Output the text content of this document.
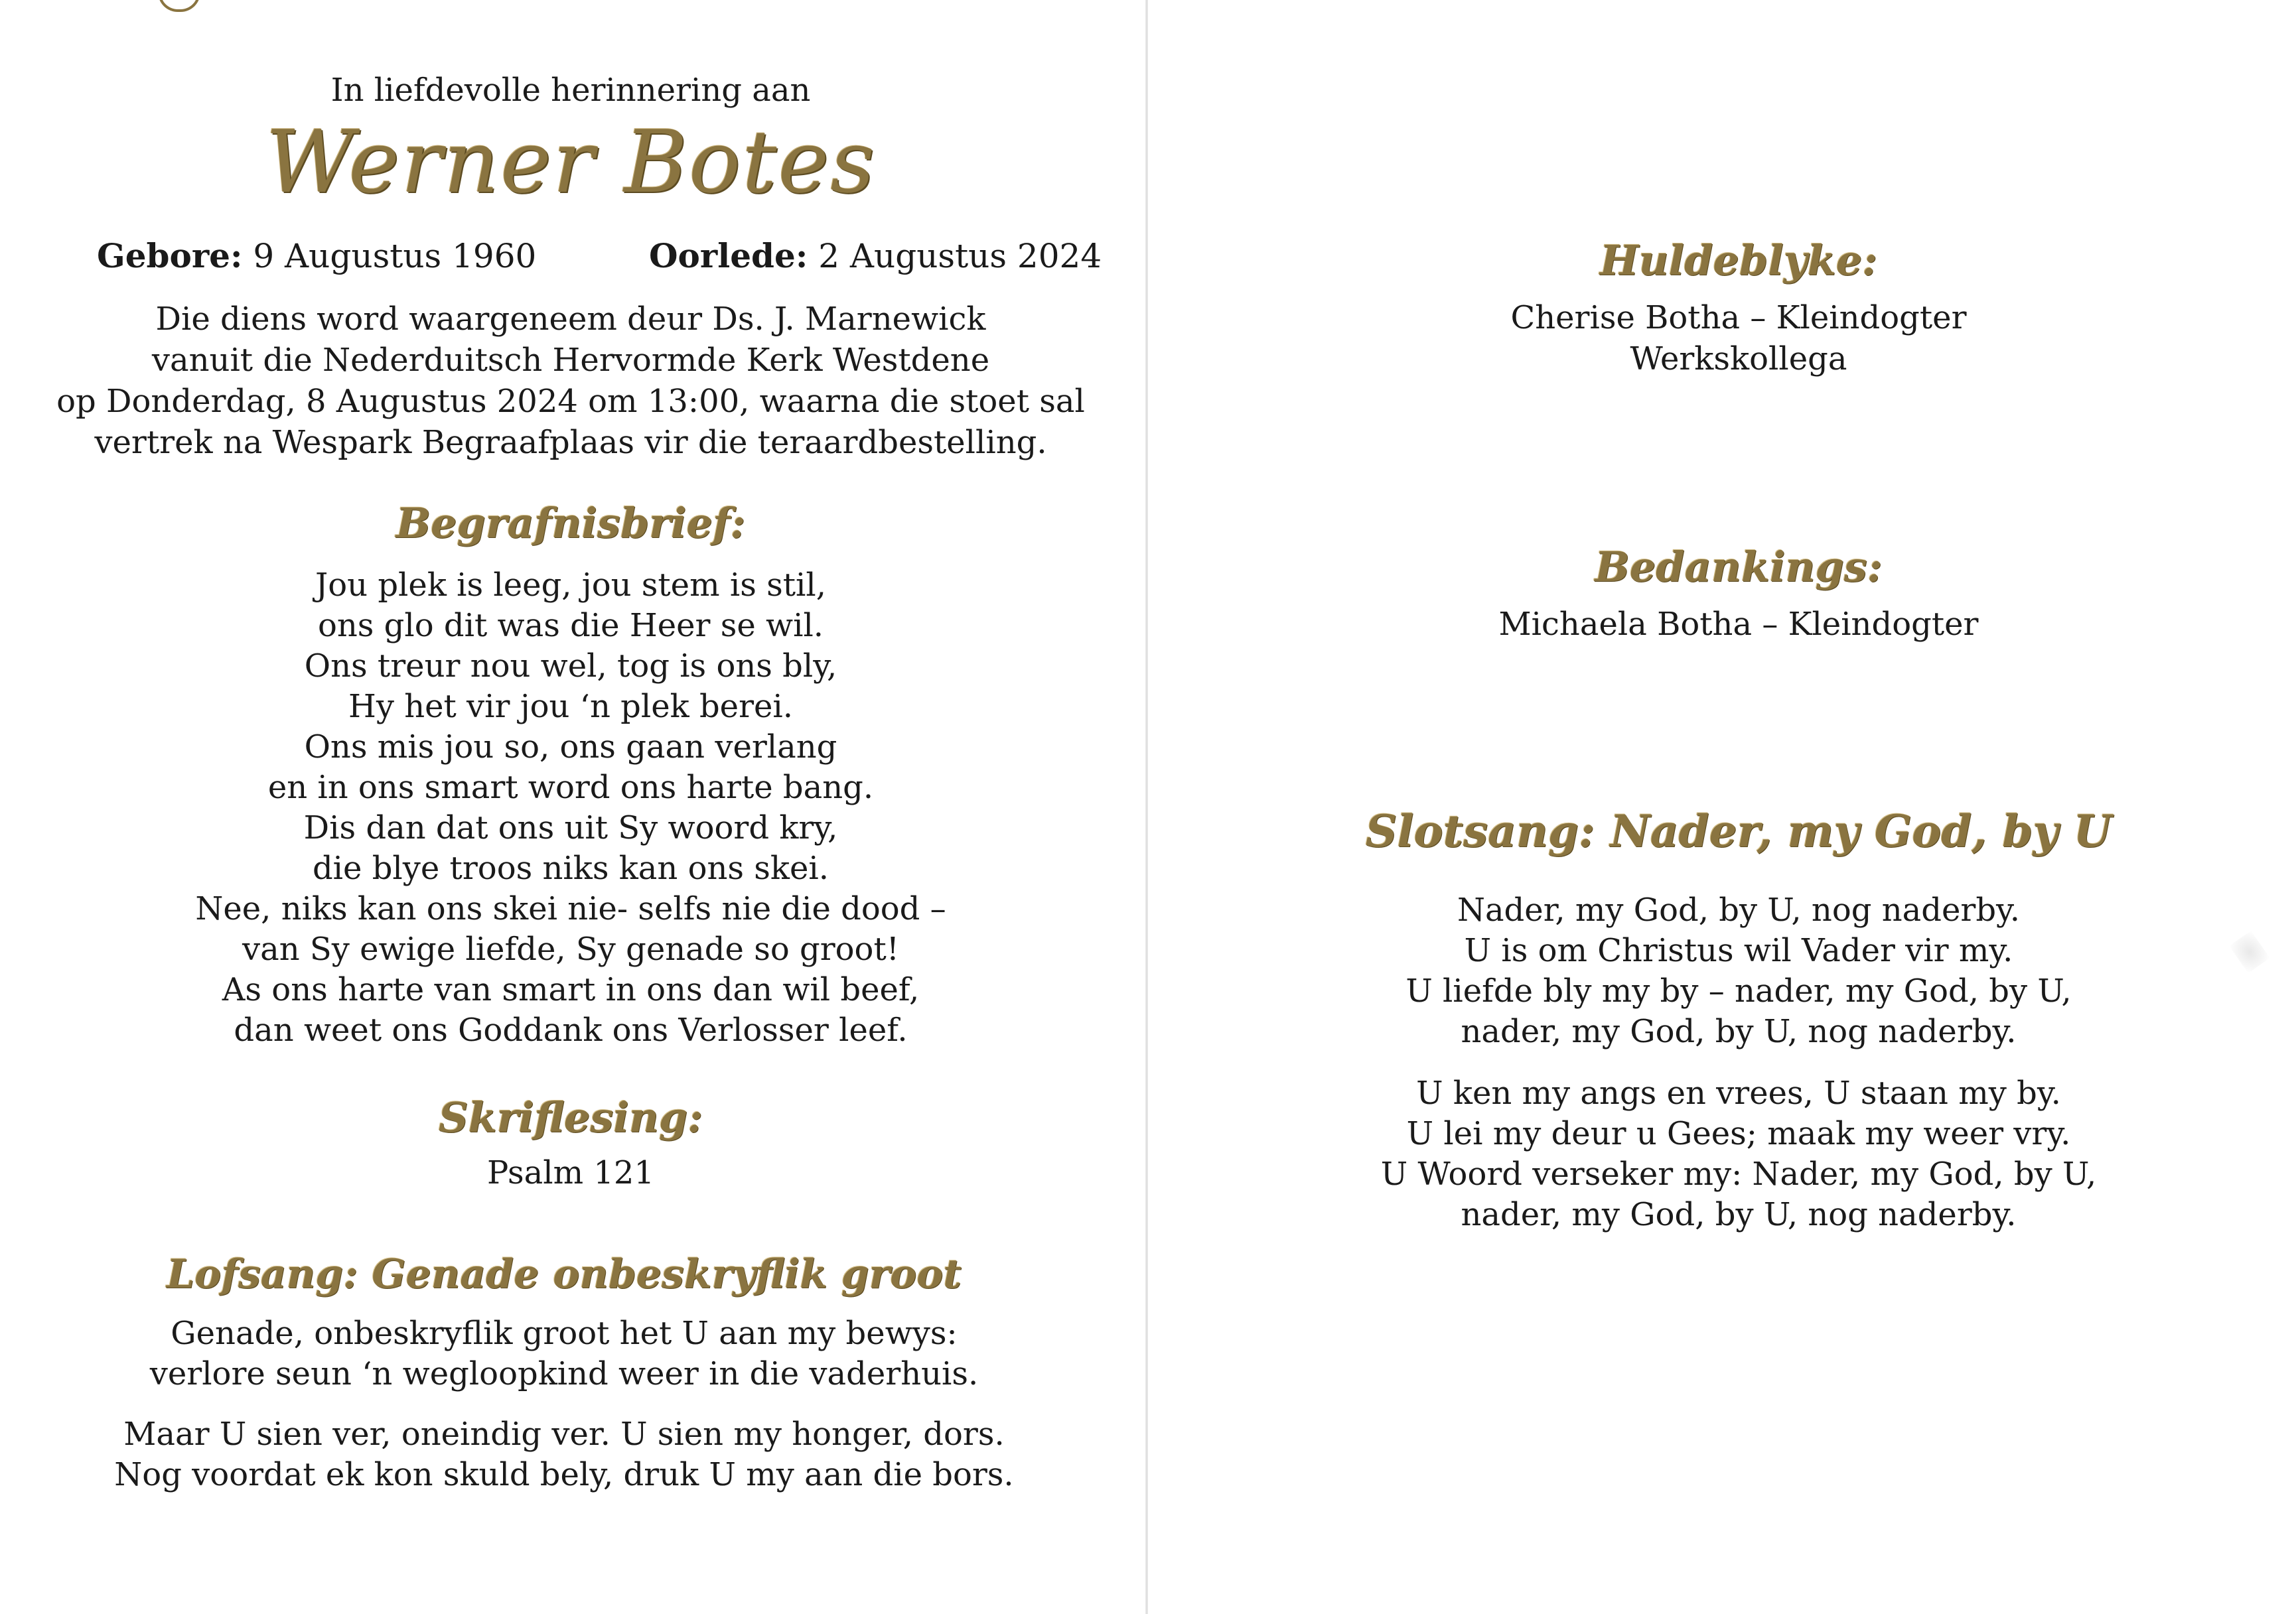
In liefdevolle herinnering aan
Werner Botes
Gebore: 9 Augustus 1960	Oorlede: 2 Augustus 2024
Die diens word waargeneem deur Ds. J. Marnewick
vanuit die Nederduitsch Hervormde Kerk Westdene
op Donderdag, 8 Augustus 2024 om 13:00, waarna die stoet sal
vertrek na Wespark Begraafplaas vir die teraardbestelling.
Begrafnisbrief:
Jou plek is leeg, jou stem is stil,
ons glo dit was die Heer se wil.
Ons treur nou wel, tog is ons bly,
Hy het vir jou ‘n plek berei.
Ons mis jou so, ons gaan verlang
en in ons smart word ons harte bang.
Dis dan dat ons uit Sy woord kry,
die blye troos niks kan ons skei.
Nee, niks kan ons skei nie- selfs nie die dood –
van Sy ewige liefde, Sy genade so groot!
As ons harte van smart in ons dan wil beef,
dan weet ons Goddank ons Verlosser leef.
Skriflesing:
Psalm 121
Lofsang: Genade onbeskryflik groot
Genade, onbeskryflik groot het U aan my bewys:
verlore seun ‘n wegloopkind weer in die vaderhuis.
Maar U sien ver, oneindig ver. U sien my honger, dors.
Nog voordat ek kon skuld bely, druk U my aan die bors.
Huldeblyke:
Cherise Botha – Kleindogter
Werkskollega
Bedankings:
Michaela Botha – Kleindogter
Slotsang: Nader, my God, by U
Nader, my God, by U, nog naderby.
U is om Christus wil Vader vir my.
U liefde bly my by – nader, my God, by U,
nader, my God, by U, nog naderby.
U ken my angs en vrees, U staan my by.
U lei my deur u Gees; maak my weer vry.
U Woord verseker my: Nader, my God, by U,
nader, my God, by U, nog naderby.
